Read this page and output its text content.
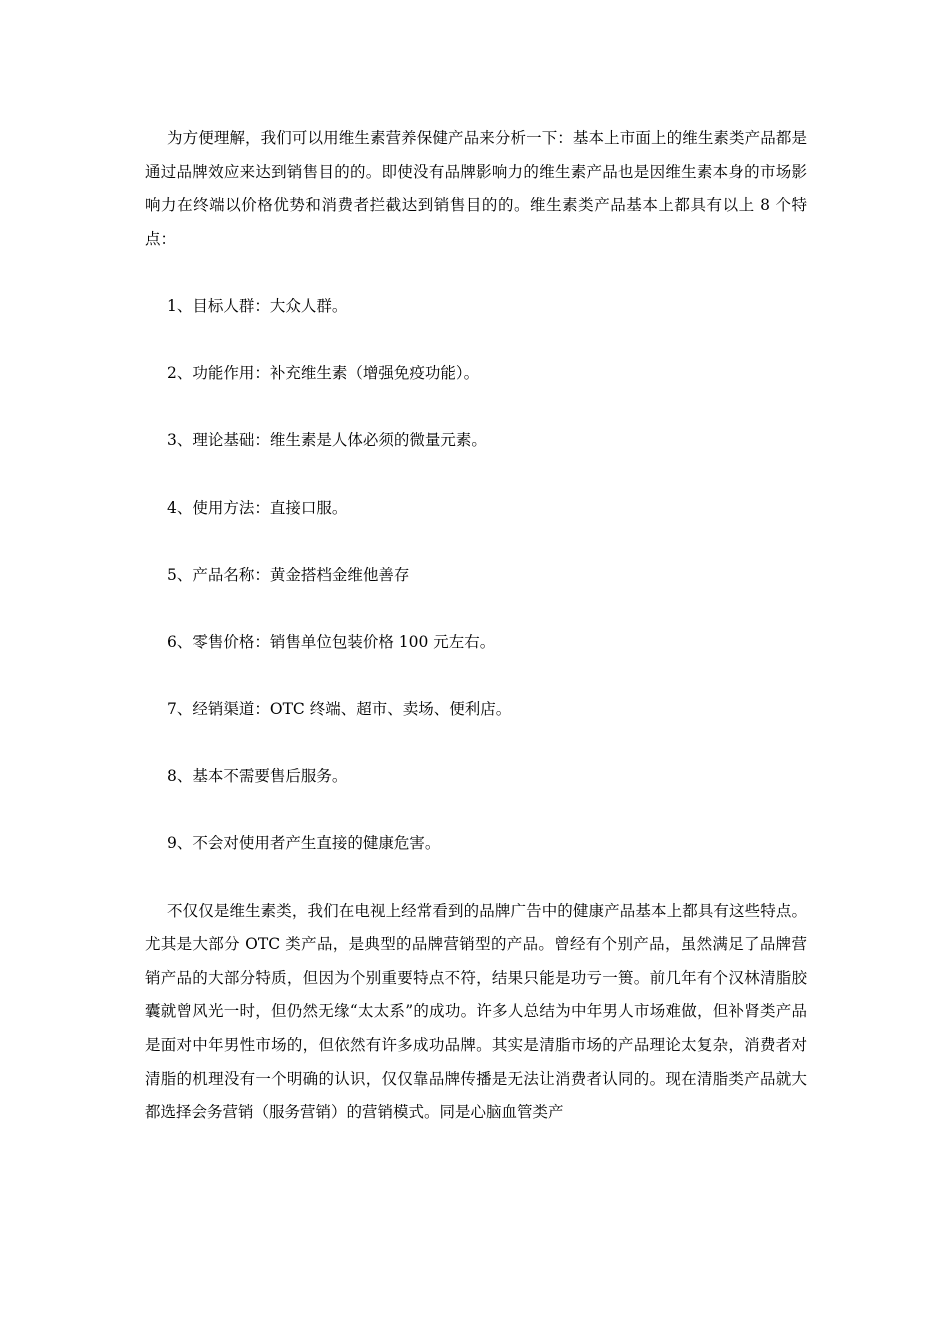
为方便理解，我们可以用维生素营养保健产品来分析一下：基本上市面上的维生素类产品都是通过品牌效应来达到销售目的的。即使没有品牌影响力的维生素产品也是因维生素本身的市场影响力在终端以价格优势和消费者拦截达到销售目的的。维生素类产品基本上都具有以上 8 个特点：

1、目标人群：大众人群。

2、功能作用：补充维生素（增强免疫功能）。

3、理论基础：维生素是人体必须的微量元素。

4、使用方法：直接口服。

5、产品名称：黄金搭档金维他善存

6、零售价格：销售单位包装价格 100 元左右。

7、经销渠道：OTC 终端、超市、卖场、便利店。

8、基本不需要售后服务。

9、不会对使用者产生直接的健康危害。

不仅仅是维生素类，我们在电视上经常看到的品牌广告中的健康产品基本上都具有这些特点。尤其是大部分 OTC 类产品，是典型的品牌营销型的产品。曾经有个别产品，虽然满足了品牌营销产品的大部分特质，但因为个别重要特点不符，结果只能是功亏一篑。前几年有个汉林清脂胶囊就曾风光一时，但仍然无缘“太太系”的成功。许多人总结为中年男人市场难做，但补肾类产品是面对中年男性市场的，但依然有许多成功品牌。其实是清脂市场的产品理论太复杂，消费者对清脂的机理没有一个明确的认识，仅仅靠品牌传播是无法让消费者认同的。现在清脂类产品就大都选择会务营销（服务营销）的营销模式。同是心脑血管类产
